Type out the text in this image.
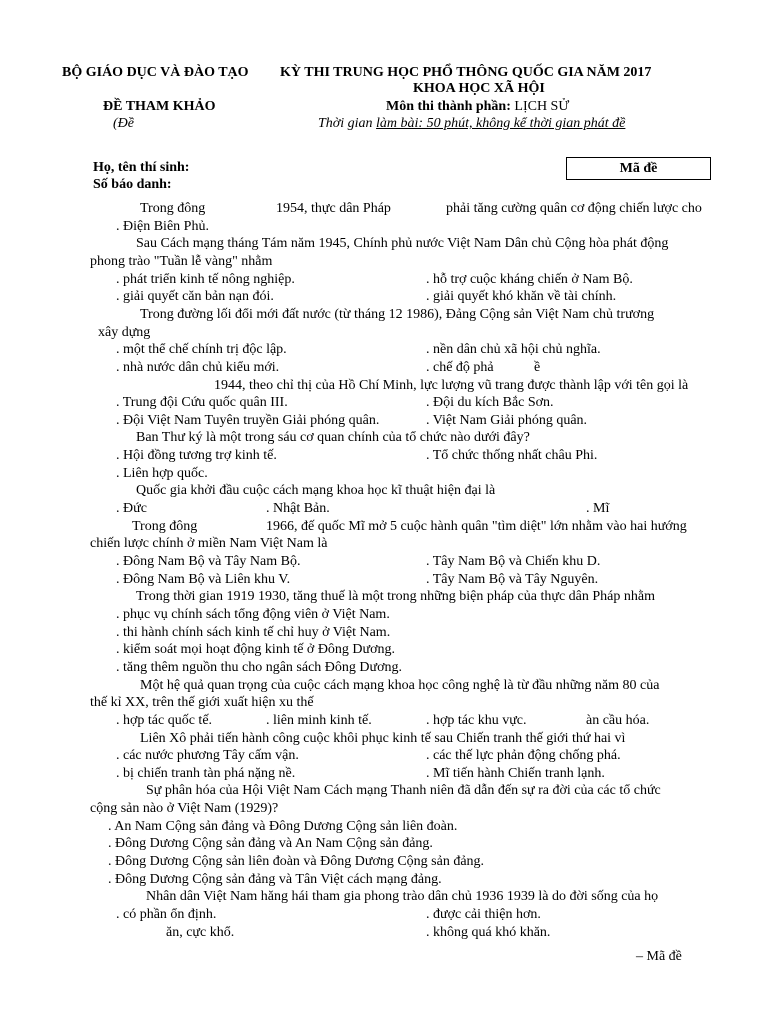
BỘ GIÁO DỤC VÀ ĐÀO TẠO KỲ THI TRUNG HỌC PHỔ THÔNG QUỐC GIA NĂM 2017
KHOA HỌC XÃ HỘI
ĐỀ THAM KHẢO	Môn thi thành phần: LỊCH SỬ
(Đề	Thời gian làm bài: 50 phút, không kể thời gian phát đề
Họ, tên thí sinh:
Số báo danh:
Mã đề
Trong đông	1954, thực dân Pháp	phải tăng cường quân cơ động chiến lược cho
. Điện Biên Phủ.
Sau Cách mạng tháng Tám năm 1945, Chính phủ nước Việt Nam Dân chủ Cộng hòa phát động
phong trào "Tuần lễ vàng" nhằm
. phát triển kinh tế nông nghiệp.	. hỗ trợ cuộc kháng chiến ở Nam Bộ.
. giải quyết căn bản nạn đói.	. giải quyết khó khăn về tài chính.
Trong đường lối đổi mới đất nước (từ tháng 12 1986), Đảng Cộng sản Việt Nam chủ trương
xây dựng
. một thể chế chính trị độc lập.	. nền dân chủ xã hội chủ nghĩa.
. nhà nước dân chủ kiểu mới.	. chế độ phả	ề
1944, theo chỉ thị của Hồ Chí Minh, lực lượng vũ trang được thành lập với tên gọi là
. Trung đội Cứu quốc quân III.	. Đội du kích Bắc Sơn.
. Đội Việt Nam Tuyên truyền Giải phóng quân.	. Việt Nam Giải phóng quân.
Ban Thư ký là một trong sáu cơ quan chính của tổ chức nào dưới đây?
. Hội đồng tương trợ kinh tế.	. Tổ chức thống nhất châu Phi.
. Liên hợp quốc.
Quốc gia khởi đầu cuộc cách mạng khoa học kĩ thuật hiện đại là
. Đức	. Nhật Bản.	. Mĩ
Trong đông	1966, đế quốc Mĩ mở 5 cuộc hành quân "tìm diệt" lớn nhằm vào hai hướng
chiến lược chính ở miền Nam Việt Nam là
. Đông Nam Bộ và Tây Nam Bộ.	. Tây Nam Bộ và Chiến khu D.
. Đông Nam Bộ và Liên khu V.	. Tây Nam Bộ và Tây Nguyên.
Trong thời gian 1919 1930, tăng thuế là một trong những biện pháp của thực dân Pháp nhằm
. phục vụ chính sách tổng động viên ở Việt Nam.
. thi hành chính sách kinh tế chỉ huy ở Việt Nam.
. kiểm soát mọi hoạt động kinh tế ở Đông Dương.
. tăng thêm nguồn thu cho ngân sách Đông Dương.
Một hệ quả quan trọng của cuộc cách mạng khoa học công nghệ là từ đầu những năm 80 của
thế kỉ XX, trên thế giới xuất hiện xu thế
. hợp tác quốc tế.	. liên minh kinh tế.	. hợp tác khu vực.	àn cầu hóa.
Liên Xô phải tiến hành công cuộc khôi phục kinh tế sau Chiến tranh thế giới thứ hai vì
. các nước phương Tây cấm vận.	. các thế lực phản động chống phá.
. bị chiến tranh tàn phá nặng nề.	. Mĩ tiến hành Chiến tranh lạnh.
Sự phân hóa của Hội Việt Nam Cách mạng Thanh niên đã dẫn đến sự ra đời của các tổ chức
cộng sản nào ở Việt Nam (1929)?
. An Nam Cộng sản đảng và Đông Dương Cộng sản liên đoàn.
. Đông Dương Cộng sản đảng và An Nam Cộng sản đảng.
. Đông Dương Cộng sản liên đoàn và Đông Dương Cộng sản đảng.
. Đông Dương Cộng sản đảng và Tân Việt cách mạng đảng.
Nhân dân Việt Nam hăng hái tham gia phong trào dân chủ 1936 1939 là do đời sống của họ
. có phần ổn định.	. được cải thiện hơn.
ăn, cực khổ.	. không quá khó khăn.
– Mã đề
